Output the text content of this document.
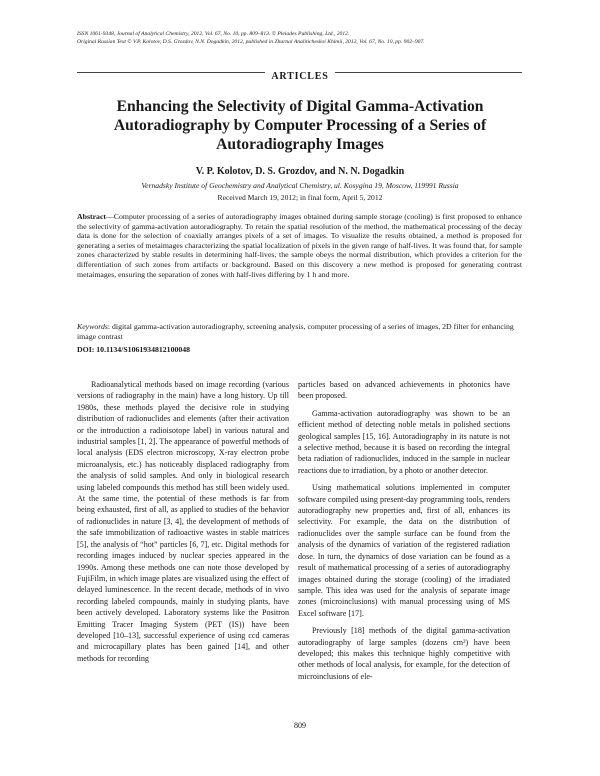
ISSN 1061-9348, Journal of Analytical Chemistry, 2012, Vol. 67, No. 10, pp. 809–813. © Pleiades Publishing, Ltd., 2012.
Original Russian Text © V.P. Kolotov, D.S. Grozdov, N.N. Dogadkin, 2012, published in Zhurnal Analiticheskoi Khimii, 2012, Vol. 67, No. 10, pp. 902–907.
ARTICLES
Enhancing the Selectivity of Digital Gamma-Activation Autoradiography by Computer Processing of a Series of Autoradiography Images
V. P. Kolotov, D. S. Grozdov, and N. N. Dogadkin
Vernadsky Institute of Geochemistry and Analytical Chemistry, ul. Kosygina 19, Moscow, 119991 Russia
Received March 19, 2012; in final form, April 5, 2012
Abstract—Computer processing of a series of autoradiography images obtained during sample storage (cooling) is first proposed to enhance the selectivity of gamma-activation autoradiography. To retain the spatial resolution of the method, the mathematical processing of the decay data is done for the selection of coaxially arranges pixels of a set of images. To visualize the results obtained, a method is proposed for generating a series of metaimages characterizing the spatial localization of pixels in the given range of half-lives. It was found that, for sample zones characterized by stable results in determining half-lives, the sample obeys the normal distribution, which provides a criterion for the differentiation of such zones from artifacts or background. Based on this discovery a new method is proposed for generating contrast metaimages, ensuring the separation of zones with half-lives differing by 1 h and more.
Keywords: digital gamma-activation autoradiography, screening analysis, computer processing of a series of images, 2D filter for enhancing image contrast
DOI: 10.1134/S1061934812100048

Radioanalytical methods based on image recording (various versions of radiography in the main) have a long history. Up till 1980s, these methods played the decisive role in studying distribution of radionuclides and elements (after their activation or the introduction a radioisotope label) in various natural and industrial samples [1, 2]. The appearance of powerful methods of local analysis (EDS electron microscopy, X-ray electron probe microanalysis, etc.) has noticeably displaced radiography from the analysis of solid samples. And only in biological research using labeled compounds this method has still been widely used. At the same time, the potential of these methods is far from being exhausted, first of all, as applied to studies of the behavior of radionuclides in nature [3, 4], the development of methods of the safe immobilization of radioactive wastes in stable matrices [5], the analysis of “hot” particles [6, 7], etc. Digital methods for recording images induced by nuclear species appeared in the 1990s. Among these methods one can note those developed by FujiFilm, in which image plates are visualized using the effect of delayed luminescence. In the recent decade, methods of in vivo recording labeled compounds, mainly in studying plants, have been actively developed. Laboratory systems like the Positron Emitting Tracer Imaging System (PET (IS)) have been developed [10–13], successful experience of using ccd cameras and microcapillary plates has been gained [14], and other methods for recording

particles based on advanced achievements in photonics have been proposed.

Gamma-activation autoradiography was shown to be an efficient method of detecting noble metals in polished sections geological samples [15, 16]. Autoradiography in its nature is not a selective method, because it is based on recording the integral beta radiation of radionuclides, induced in the sample in nuclear reactions due to irradiation, by a photo or another detector.

Using mathematical solutions implemented in computer software compiled using present-day programming tools, renders autoradiography new properties and, first of all, enhances its selectivity. For example, the data on the distribution of radionuclides over the sample surface can be found from the analysis of the dynamics of variation of the registered radiation dose. In turn, the dynamics of dose variation can be found as a result of mathematical processing of a series of autoradiography images obtained during the storage (cooling) of the irradiated sample. This idea was used for the analysis of separate image zones (microinclusions) with manual processing using of MS Excel software [17].

Previously [18] methods of the digital gamma-activation autoradiography of large samples (dozens cm²) have been developed; this makes this technique highly competitive with other methods of local analysis, for example, for the detection of microinclusions of ele-

809
